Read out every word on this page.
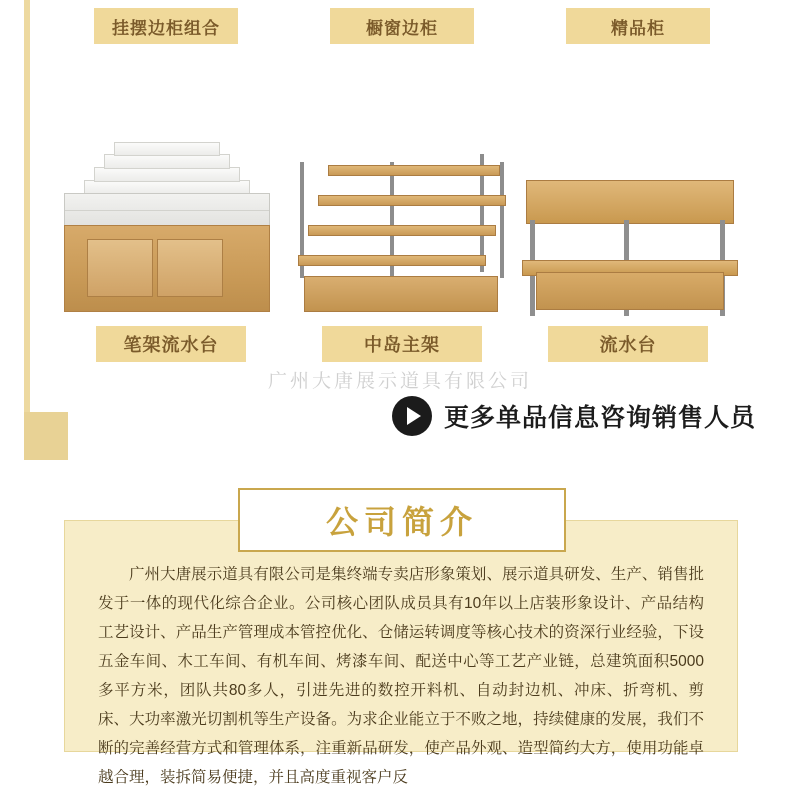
挂摆边柜组合	橱窗边柜	精品柜
笔架流水台	中岛主架	流水台
广州大唐展示道具有限公司
更多单品信息咨询销售人员
公司简介
广州大唐展示道具有限公司是集终端专卖店形象策划、展示道具研发、生产、销售批发于一体的现代化综合企业。公司核心团队成员具有10年以上店装形象设计、产品结构工艺设计、产品生产管理成本管控优化、仓储运转调度等核心技术的资深行业经验，下设五金车间、木工车间、有机车间、烤漆车间、配送中心等工艺产业链，总建筑面积5000多平方米，团队共80多人，引进先进的数控开料机、自动封边机、冲床、折弯机、剪床、大功率激光切割机等生产设备。为求企业能立于不败之地，持续健康的发展，我们不断的完善经营方式和管理体系，注重新品研发，使产品外观、造型简约大方，使用功能卓越合理，装拆简易便捷，并且高度重视客户反
